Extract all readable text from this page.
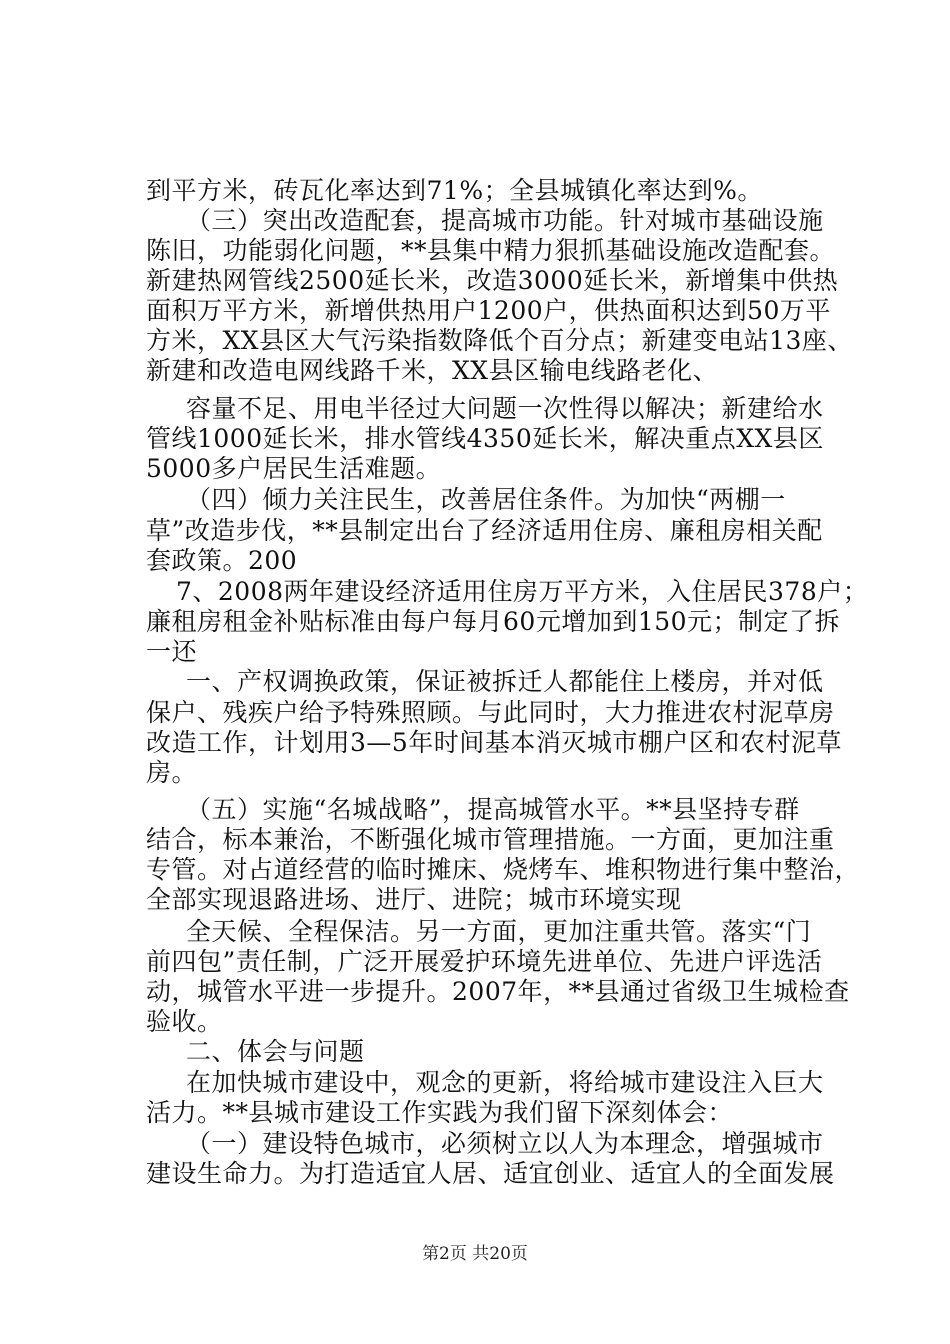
到平方米，砖瓦化率达到71%；全县城镇化率达到%。
（三）突出改造配套，提高城市功能。针对城市基础设施
陈旧，功能弱化问题，**县集中精力狠抓基础设施改造配套。
新建热网管线2500延长米，改造3000延长米，新增集中供热
面积万平方米，新增供热用户1200户，供热面积达到50万平
方米，XX县区大气污染指数降低个百分点；新建变电站13座、
新建和改造电网线路千米，XX县区输电线路老化、
容量不足、用电半径过大问题一次性得以解决；新建给水
管线1000延长米，排水管线4350延长米，解决重点XX县区
5000多户居民生活难题。
（四）倾力关注民生，改善居住条件。为加快“两棚一
草”改造步伐，**县制定出台了经济适用住房、廉租房相关配
套政策。200
7、2008两年建设经济适用住房万平方米，入住居民378户；
廉租房租金补贴标准由每户每月60元增加到150元；制定了拆
一还
一、产权调换政策，保证被拆迁人都能住上楼房，并对低
保户、残疾户给予特殊照顾。与此同时，大力推进农村泥草房
改造工作，计划用3—5年时间基本消灭城市棚户区和农村泥草
房。
（五）实施“名城战略”，提高城管水平。**县坚持专群
结合，标本兼治，不断强化城市管理措施。一方面，更加注重
专管。对占道经营的临时摊床、烧烤车、堆积物进行集中整治，
全部实现退路进场、进厅、进院；城市环境实现
全天候、全程保洁。另一方面，更加注重共管。落实“门
前四包”责任制，广泛开展爱护环境先进单位、先进户评选活
动，城管水平进一步提升。2007年，**县通过省级卫生城检查
验收。
二、体会与问题
在加快城市建设中，观念的更新，将给城市建设注入巨大
活力。**县城市建设工作实践为我们留下深刻体会：
（一）建设特色城市，必须树立以人为本理念，增强城市
建设生命力。为打造适宜人居、适宜创业、适宜人的全面发展
第2页 共20页
